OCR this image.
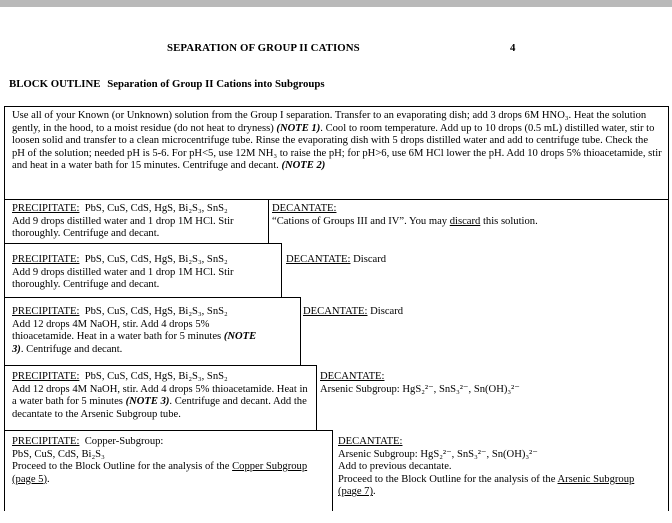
SEPARATION OF GROUP II CATIONS	4
BLOCK OUTLINE Separation of Group II Cations into Subgroups
Use all of your Known (or Unknown) solution from the Group I separation. Transfer to an evaporating dish; add 3 drops 6M HNO₃. Heat the solution gently, in the hood, to a moist residue (do not heat to dryness) (NOTE 1). Cool to room temperature. Add up to 10 drops (0.5 mL) distilled water, stir to loosen solid and transfer to a clean microcentrifuge tube. Rinse the evaporating dish with 5 drops distilled water and add to centrifuge tube. Check the pH of the solution; needed pH is 5-6. For pH<5, use 12M NH₃ to raise the pH; for pH>6, use 6M HCl lower the pH. Add 10 drops 5% thioacetamide, stir and heat in a water bath for 15 minutes. Centrifuge and decant. (NOTE 2)
PRECIPITATE: PbS, CuS, CdS, HgS, Bi₂S₃, SnS₂
Add 9 drops distilled water and 1 drop 1M HCl. Stir thoroughly. Centrifuge and decant.
DECANTATE:
“Cations of Groups III and IV”. You may discard this solution.
PRECIPITATE: PbS, CuS, CdS, HgS, Bi₂S₃, SnS₂
Add 9 drops distilled water and 1 drop 1M HCl. Stir thoroughly. Centrifuge and decant.
DECANTATE: Discard
PRECIPITATE: PbS, CuS, CdS, HgS, Bi₂S₃, SnS₂
Add 12 drops 4M NaOH, stir. Add 4 drops 5% thioacetamide. Heat in a water bath for 5 minutes (NOTE 3). Centrifuge and decant.
DECANTATE: Discard
PRECIPITATE: PbS, CuS, CdS, HgS, Bi₂S₃, SnS₂
Add 12 drops 4M NaOH, stir. Add 4 drops 5% thioacetamide. Heat in a water bath for 5 minutes (NOTE 3). Centrifuge and decant. Add the decantate to the Arsenic Subgroup tube.
DECANTATE:
Arsenic Subgroup: HgS₂²⁻, SnS₃²⁻, Sn(OH)₃²⁻
PRECIPITATE: Copper-Subgroup:
PbS, CuS, CdS, Bi₂S₃
Proceed to the Block Outline for the analysis of the Copper Subgroup (page 5).
DECANTATE:
Arsenic Subgroup: HgS₂²⁻, SnS₃²⁻, Sn(OH)₃²⁻
Add to previous decantate.
Proceed to the Block Outline for the analysis of the Arsenic Subgroup (page 7).
